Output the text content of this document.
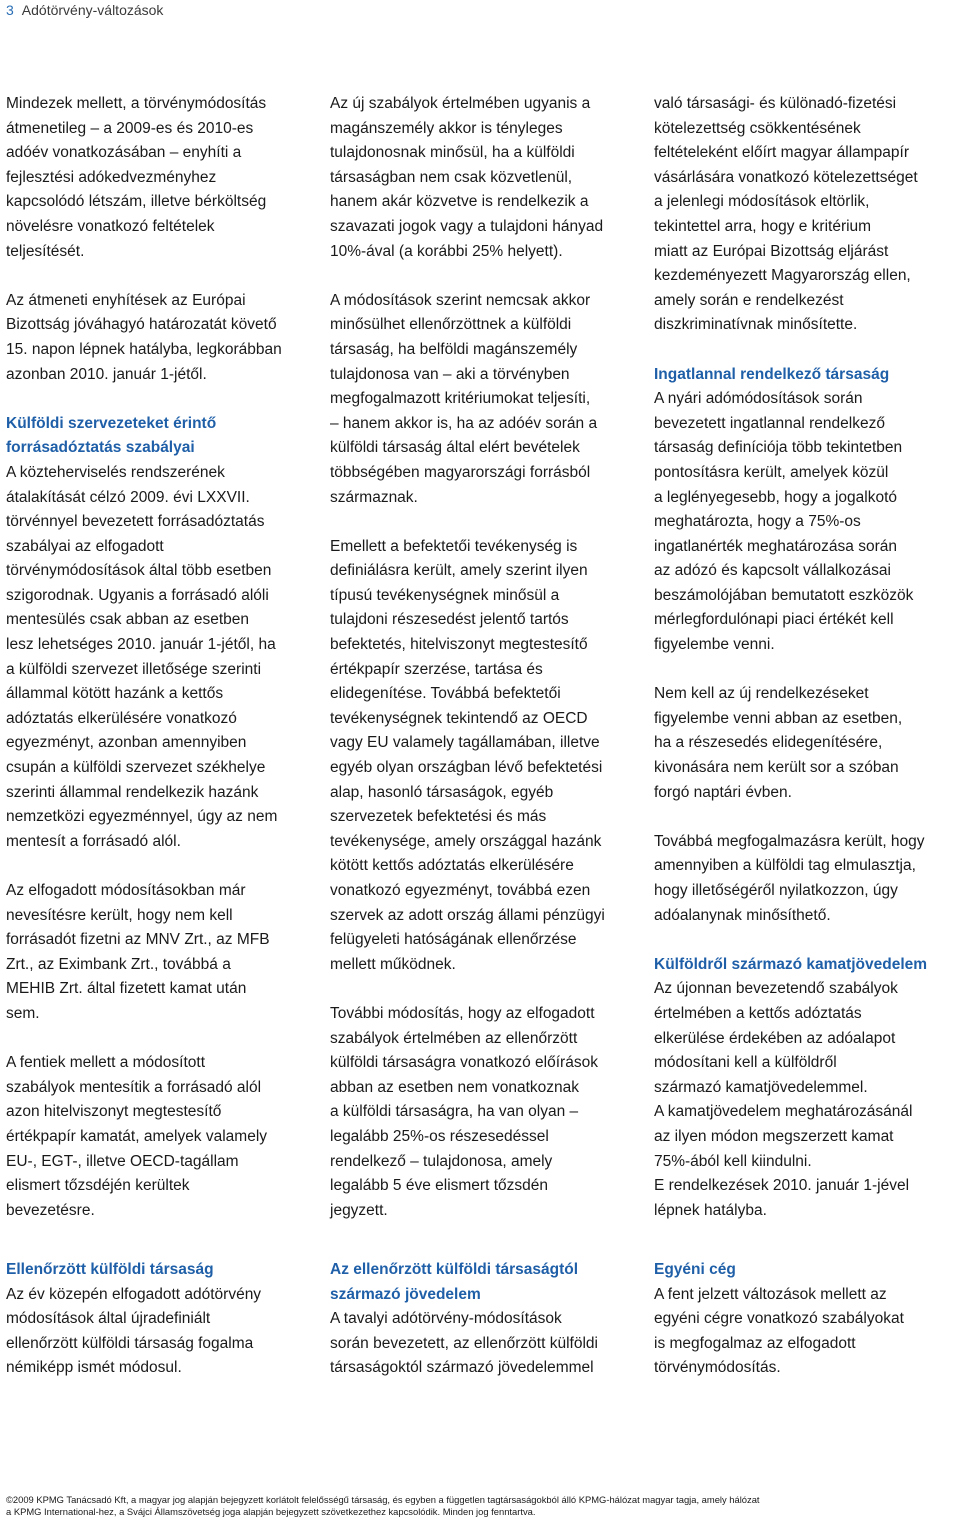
3 Adótörvény-változások

Mindezek mellett, a törvénymódosítás
átmenetileg – a 2009-es és 2010-es
adóév vonatkozásában – enyhíti a
fejlesztési adókedvezményhez
kapcsolódó létszám, illetve bérköltség
növelésre vonatkozó feltételek
teljesítését.

Az átmeneti enyhítések az Európai
Bizottság jóváhagyó határozatát követő
15. napon lépnek hatályba, legkorábban
azonban 2010. január 1-jétől.

Külföldi szervezeteket érintő
forrásadóztatás szabályai

A közteherviselés rendszerének
átalakítását célzó 2009. évi LXXVII.
törvénnyel bevezetett forrásadóztatás
szabályai az elfogadott
törvénymódosítások által több esetben
szigorodnak. Ugyanis a forrásadó alóli
mentesülés csak abban az esetben
lesz lehetséges 2010. január 1-jétől, ha
a külföldi szervezet illetősége szerinti
állammal kötött hazánk a kettős
adóztatás elkerülésére vonatkozó
egyezményt, azonban amennyiben
csupán a külföldi szervezet székhelye
szerinti állammal rendelkezik hazánk
nemzetközi egyezménnyel, úgy az nem
mentesít a forrásadó alól.

Az elfogadott módosításokban már
nevesítésre került, hogy nem kell
forrásadót fizetni az MNV Zrt., az MFB
Zrt., az Eximbank Zrt., továbbá a
MEHIB Zrt. által fizetett kamat után
sem.

A fentiek mellett a módosított
szabályok mentesítik a forrásadó alól
azon hitelviszonyt megtestesítő
értékpapír kamatát, amelyek valamely
EU-, EGT-, illetve OECD-tagállam
elismert tőzsdéjén kerültek
bevezetésre.

Az új szabályok értelmében ugyanis a
magánszemély akkor is tényleges
tulajdonosnak minősül, ha a külföldi
társaságban nem csak közvetlenül,
hanem akár közvetve is rendelkezik a
szavazati jogok vagy a tulajdoni hányad
10%-ával (a korábbi 25% helyett).

A módosítások szerint nemcsak akkor
minősülhet ellenőrzöttnek a külföldi
társaság, ha belföldi magánszemély
tulajdonosa van – aki a törvényben
megfogalmazott kritériumokat teljesíti,
– hanem akkor is, ha az adóév során a
külföldi társaság által elért bevételek
többségében magyarországi forrásból
származnak.

Emellett a befektetői tevékenység is
definiálásra került, amely szerint ilyen
típusú tevékenységnek minősül a
tulajdoni részesedést jelentő tartós
befektetés, hitelviszonyt megtestesítő
értékpapír szerzése, tartása és
elidegenítése. Továbbá befektetői
tevékenységnek tekintendő az OECD
vagy EU valamely tagállamában, illetve
egyéb olyan országban lévő befektetési
alap, hasonló társaságok, egyéb
szervezetek befektetési és más
tevékenysége, amely országgal hazánk
kötött kettős adóztatás elkerülésére
vonatkozó egyezményt, továbbá ezen
szervek az adott ország állami pénzügyi
felügyeleti hatóságának ellenőrzése
mellett működnek.

További módosítás, hogy az elfogadott
szabályok értelmében az ellenőrzött
külföldi társaságra vonatkozó előírások
abban az esetben nem vonatkoznak
a külföldi társaságra, ha van olyan –
legalább 25%-os részesedéssel
rendelkező – tulajdonosa, amely
legalább 5 éve elismert tőzsdén
jegyzett.

való társasági- és különadó-fizetési
kötelezettség csökkentésének
feltételeként előírt magyar állampapír
vásárlására vonatkozó kötelezettséget
a jelenlegi módosítások eltörlik,
tekintettel arra, hogy e kritérium
miatt az Európai Bizottság eljárást
kezdeményezett Magyarország ellen,
amely során e rendelkezést
diszkriminatívnak minősítette.

Ingatlannal rendelkező társaság

A nyári adómódosítások során
bevezetett ingatlannal rendelkező
társaság definíciója több tekintetben
pontosításra került, amelyek közül
a leglényegesebb, hogy a jogalkotó
meghatározta, hogy a 75%-os
ingatlanérték meghatározása során
az adózó és kapcsolt vállalkozásai
beszámolójában bemutatott eszközök
mérlegfordulónapi piaci értékét kell
figyelembe venni.

Nem kell az új rendelkezéseket
figyelembe venni abban az esetben,
ha a részesedés elidegenítésére,
kivonására nem került sor a szóban
forgó naptári évben.

Továbbá megfogalmazásra került, hogy
amennyiben a külföldi tag elmulasztja,
hogy illetőségéről nyilatkozzon, úgy
adóalanynak minősíthető.

Külföldről származó kamatjövedelem

Az újonnan bevezetendő szabályok
értelmében a kettős adóztatás
elkerülése érdekében az adóalapot
módosítani kell a külföldről
származó kamatjövedelemmel.
A kamatjövedelem meghatározásánál
az ilyen módon megszerzett kamat
75%-ából kell kiindulni.
E rendelkezések 2010. január 1-jével
lépnek hatályba.

Ellenőrzött külföldi társaság

Az év közepén elfogadott adótörvény
módosítások által újradefiniált
ellenőrzött külföldi társaság fogalma
némiképp ismét módosul.

Az ellenőrzött külföldi társaságtól
származó jövedelem

A tavalyi adótörvény-módosítások
során bevezetett, az ellenőrzött külföldi
társaságoktól származó jövedelemmel

Egyéni cég

A fent jelzett változások mellett az
egyéni cégre vonatkozó szabályokat
is megfogalmaz az elfogadott
törvénymódosítás.

©2009 KPMG Tanácsadó Kft, a magyar jog alapján bejegyzett korlátolt felelősségű társaság, és egyben a független tagtársaságokból álló KPMG-hálózat magyar tagja, amely hálózat
a KPMG International-hez, a Svájci Államszövetség joga alapján bejegyzett szövetkezethez kapcsolódik. Minden jog fenntartva.
